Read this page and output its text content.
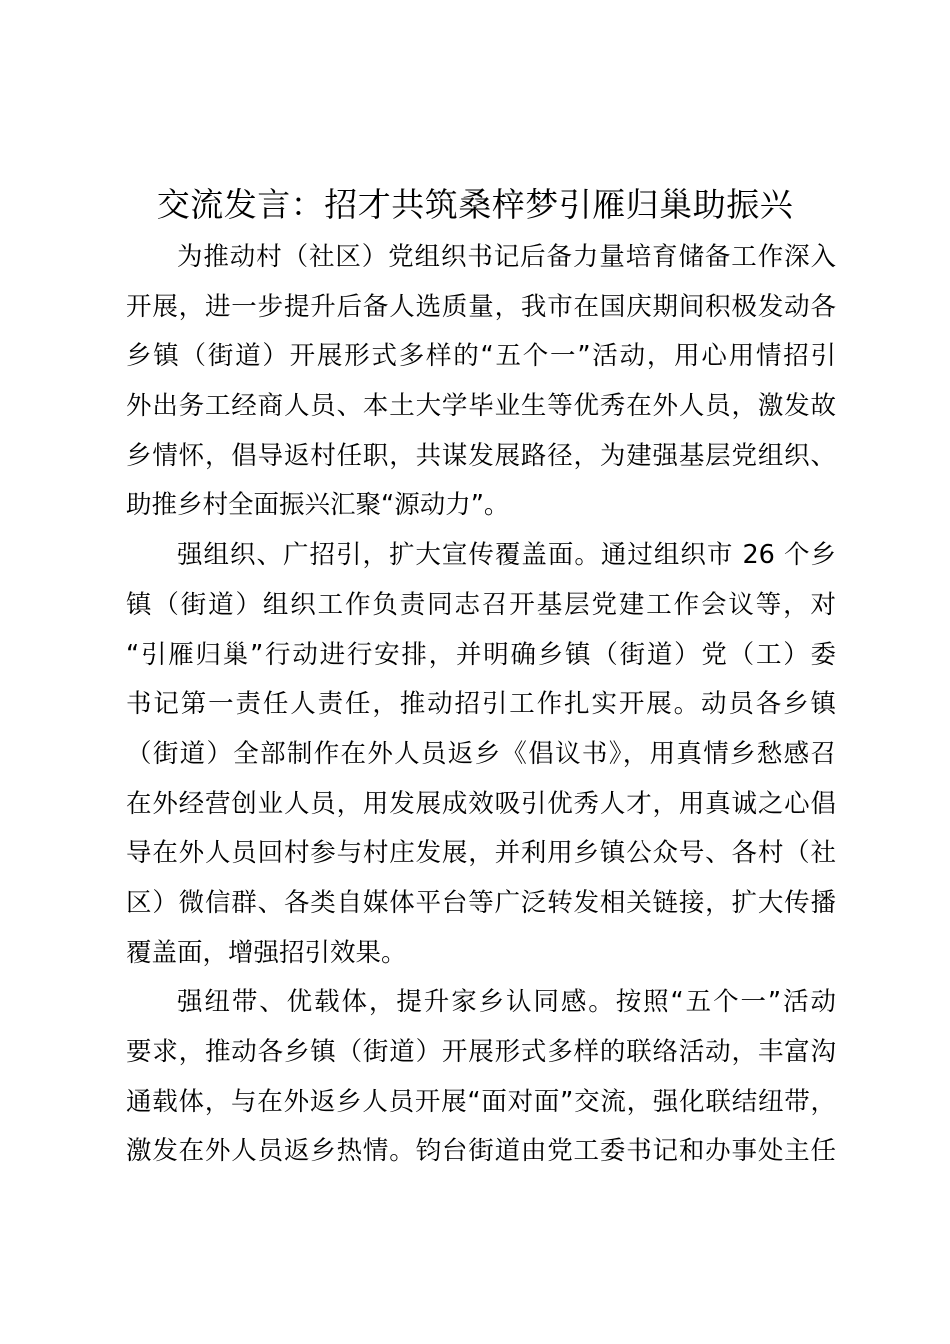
交流发言：招才共筑桑梓梦引雁归巢助振兴

为推动村（社区）党组织书记后备力量培育储备工作深入
开展，进一步提升后备人选质量，我市在国庆期间积极发动各
乡镇（街道）开展形式多样的“五个一”活动，用心用情招引
外出务工经商人员、本土大学毕业生等优秀在外人员，激发故
乡情怀，倡导返村任职，共谋发展路径，为建强基层党组织、
助推乡村全面振兴汇聚“源动力”。

强组织、广招引，扩大宣传覆盖面。通过组织市 26 个乡
镇（街道）组织工作负责同志召开基层党建工作会议等，对
“引雁归巢”行动进行安排，并明确乡镇（街道）党（工）委
书记第一责任人责任，推动招引工作扎实开展。动员各乡镇
（街道）全部制作在外人员返乡《倡议书》，用真情乡愁感召
在外经营创业人员，用发展成效吸引优秀人才，用真诚之心倡
导在外人员回村参与村庄发展，并利用乡镇公众号、各村（社
区）微信群、各类自媒体平台等广泛转发相关链接，扩大传播
覆盖面，增强招引效果。

强纽带、优载体，提升家乡认同感。按照“五个一”活动
要求，推动各乡镇（街道）开展形式多样的联络活动，丰富沟
通载体，与在外返乡人员开展“面对面”交流，强化联结纽带，
激发在外人员返乡热情。钧台街道由党工委书记和办事处主任
